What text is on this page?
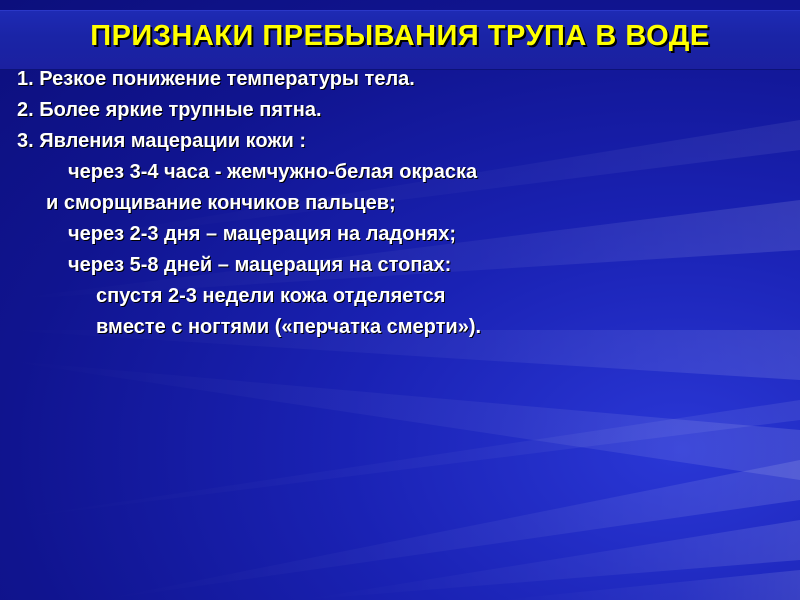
ПРИЗНАКИ ПРЕБЫВАНИЯ ТРУПА В ВОДЕ
1. Резкое понижение температуры тела.
2. Более яркие трупные пятна.
3. Явления мацерации кожи :
через 3-4 часа - жемчужно-белая окраска
и сморщивание кончиков пальцев;
через 2-3 дня – мацерация на ладонях;
через 5-8 дней – мацерация на стопах:
спустя 2-3 недели кожа отделяется
вместе с ногтями («перчатка смерти»).
